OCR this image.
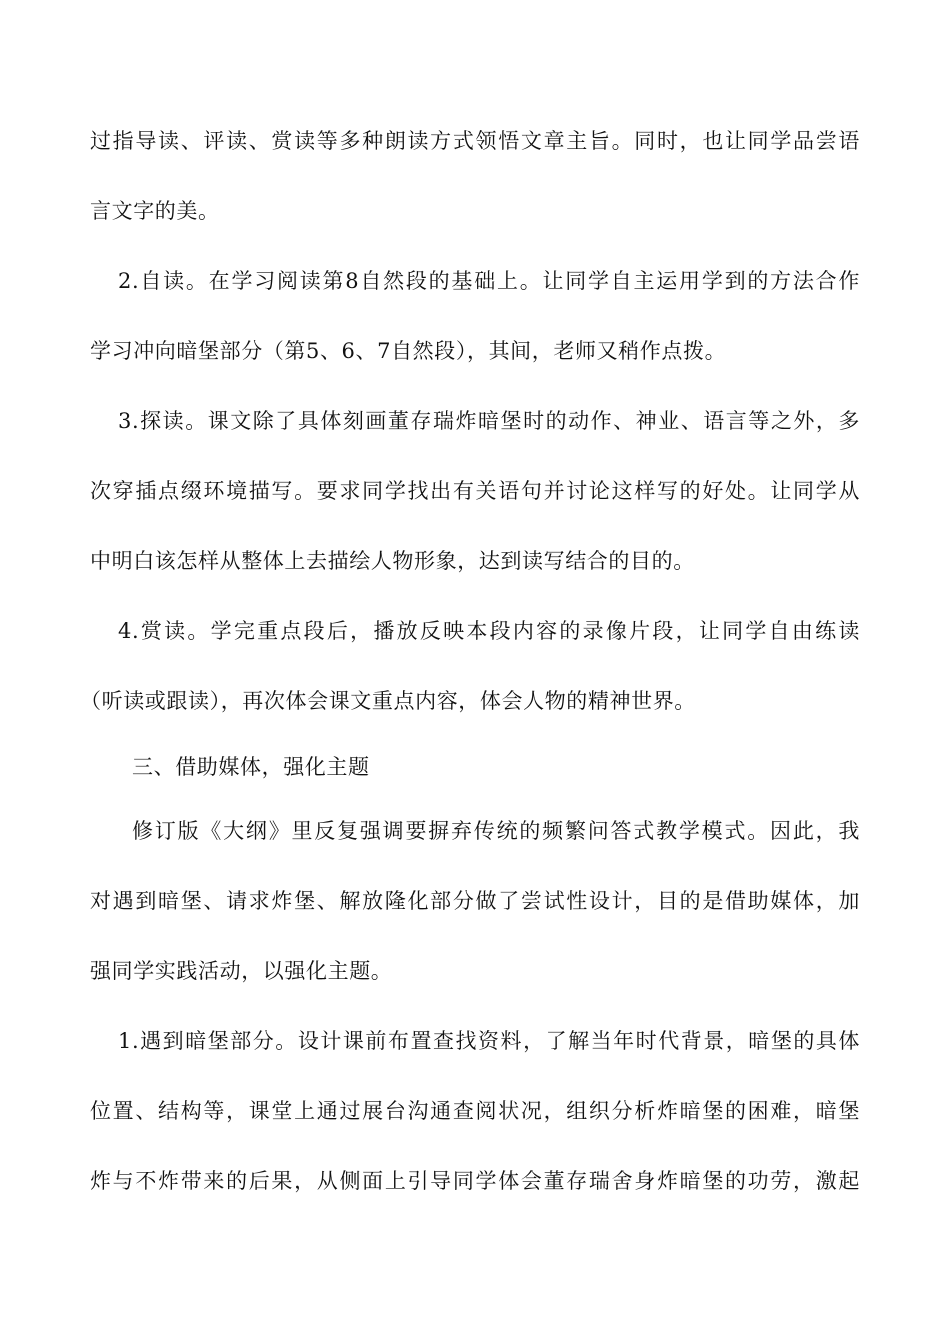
过指导读、评读、赏读等多种朗读方式领悟文章主旨。同时，也让同学品尝语
言文字的美。
2.自读。在学习阅读第8自然段的基础上。让同学自主运用学到的方法合作
学习冲向暗堡部分（第5、6、7自然段），其间，老师又稍作点拨。
3.探读。课文除了具体刻画董存瑞炸暗堡时的动作、神业、语言等之外，多
次穿插点缀环境描写。要求同学找出有关语句并讨论这样写的好处。让同学从
中明白该怎样从整体上去描绘人物形象，达到读写结合的目的。
4.赏读。学完重点段后，播放反映本段内容的录像片段，让同学自由练读
（听读或跟读），再次体会课文重点内容，体会人物的精神世界。
三、借助媒体，强化主题
修订版《大纲》里反复强调要摒弃传统的频繁问答式教学模式。因此，我
对遇到暗堡、请求炸堡、解放隆化部分做了尝试性设计，目的是借助媒体，加
强同学实践活动，以强化主题。
1.遇到暗堡部分。设计课前布置查找资料，了解当年时代背景，暗堡的具体
位置、结构等，课堂上通过展台沟通查阅状况，组织分析炸暗堡的困难，暗堡
炸与不炸带来的后果，从侧面上引导同学体会董存瑞舍身炸暗堡的功劳，激起
